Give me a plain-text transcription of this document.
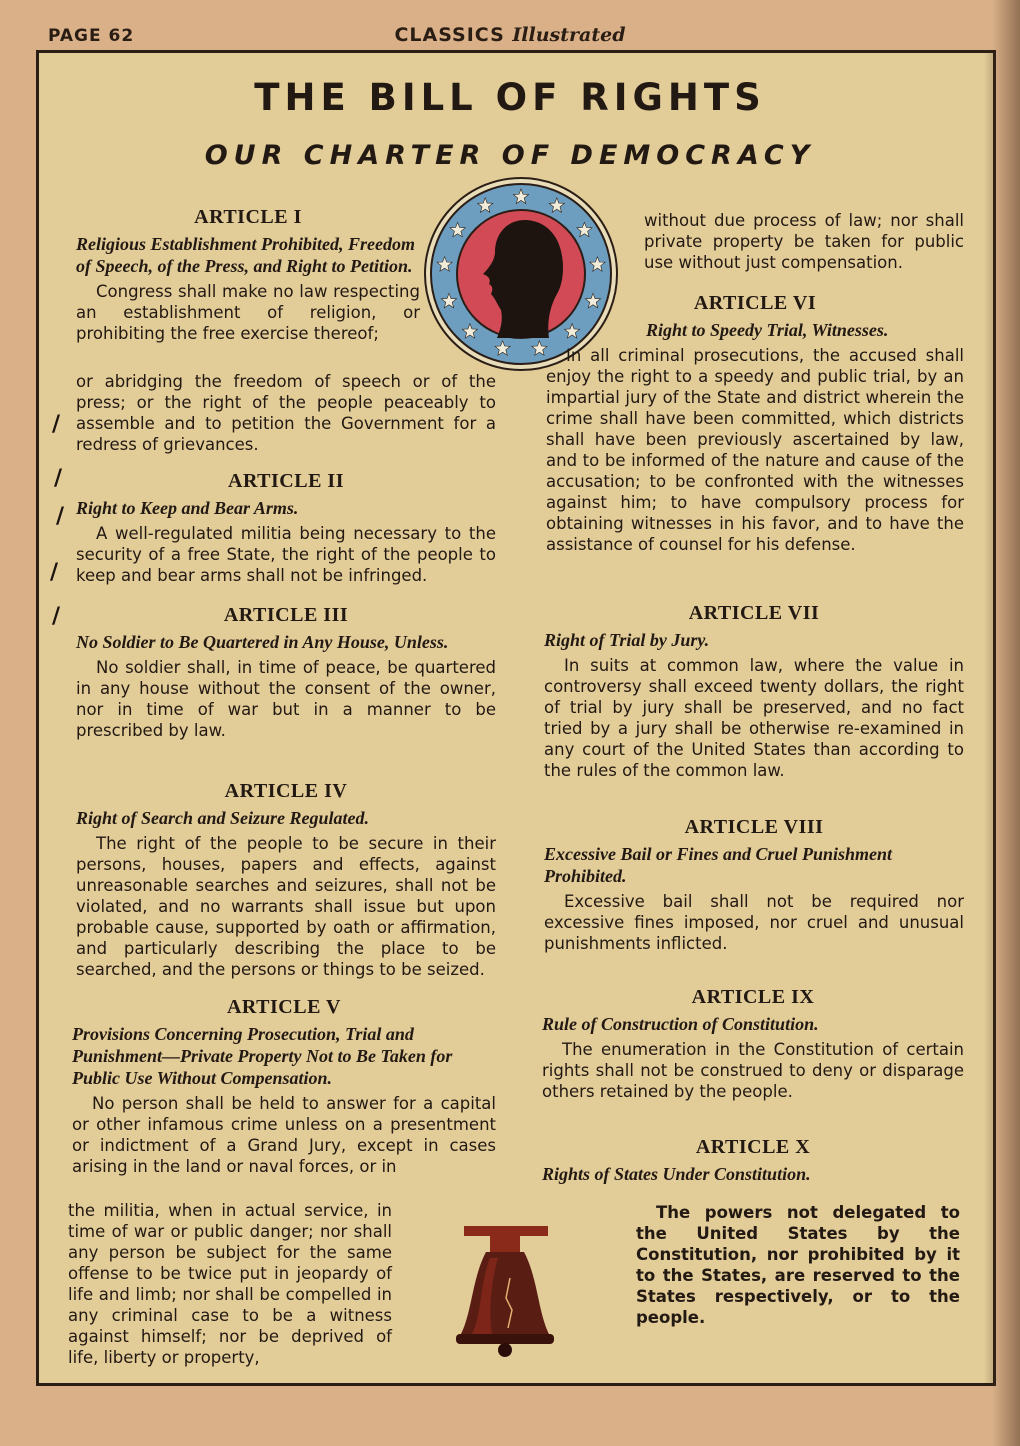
PAGE 62	CLASSICS Illustrated
THE BILL OF RIGHTS
OUR CHARTER OF DEMOCRACY
ARTICLE I
Religious Establishment Prohibited, Freedom of Speech, of the Press, and Right to Petition.

Congress shall make no law respecting an establishment of religion, or prohibiting the free exercise thereof;

or abridging the freedom of speech or of the press; or the right of the people peaceably to assemble and to petition the Government for a redress of grievances.

ARTICLE II
Right to Keep and Bear Arms.

A well-regulated militia being necessary to the security of a free State, the right of the people to keep and bear arms shall not be infringed.

ARTICLE III
No Soldier to Be Quartered in Any House, Unless.

No soldier shall, in time of peace, be quartered in any house without the consent of the owner, nor in time of war but in a manner to be prescribed by law.

ARTICLE IV
Right of Search and Seizure Regulated.

The right of the people to be secure in their persons, houses, papers and effects, against unreasonable searches and seizures, shall not be violated, and no warrants shall issue but upon probable cause, supported by oath or affirmation, and particularly describing the place to be searched, and the persons or things to be seized.

ARTICLE V
Provisions Concerning Prosecution, Trial and Punishment—Private Property Not to Be Taken for Public Use Without Compensation.

No person shall be held to answer for a capital or other infamous crime unless on a presentment or indictment of a Grand Jury, except in cases arising in the land or naval forces, or in

the militia, when in actual service, in time of war or public danger; nor shall any person be subject for the same offense to be twice put in jeopardy of life and limb; nor shall be compelled in any criminal case to be a witness against himself; nor be deprived of life, liberty or property,

without due process of law; nor shall private property be taken for public use without just compensation.

ARTICLE VI
Right to Speedy Trial, Witnesses.

In all criminal prosecutions, the accused shall enjoy the right to a speedy and public trial, by an impartial jury of the State and district wherein the crime shall have been committed, which districts shall have been previously ascertained by law, and to be informed of the nature and cause of the accusation; to be confronted with the witnesses against him; to have compulsory process for obtaining witnesses in his favor, and to have the assistance of counsel for his defense.

ARTICLE VII
Right of Trial by Jury.

In suits at common law, where the value in controversy shall exceed twenty dollars, the right of trial by jury shall be preserved, and no fact tried by a jury shall be otherwise re-examined in any court of the United States than according to the rules of the common law.

ARTICLE VIII
Excessive Bail or Fines and Cruel Punishment Prohibited.

Excessive bail shall not be required nor excessive fines imposed, nor cruel and unusual punishments inflicted.

ARTICLE IX
Rule of Construction of Constitution.

The enumeration in the Constitution of certain rights shall not be construed to deny or disparage others retained by the people.

ARTICLE X
Rights of States Under Constitution.

The powers not delegated to the United States by the Constitution, nor prohibited by it to the States, are reserved to the States respectively, or to the people.

/
/
/
/
/
